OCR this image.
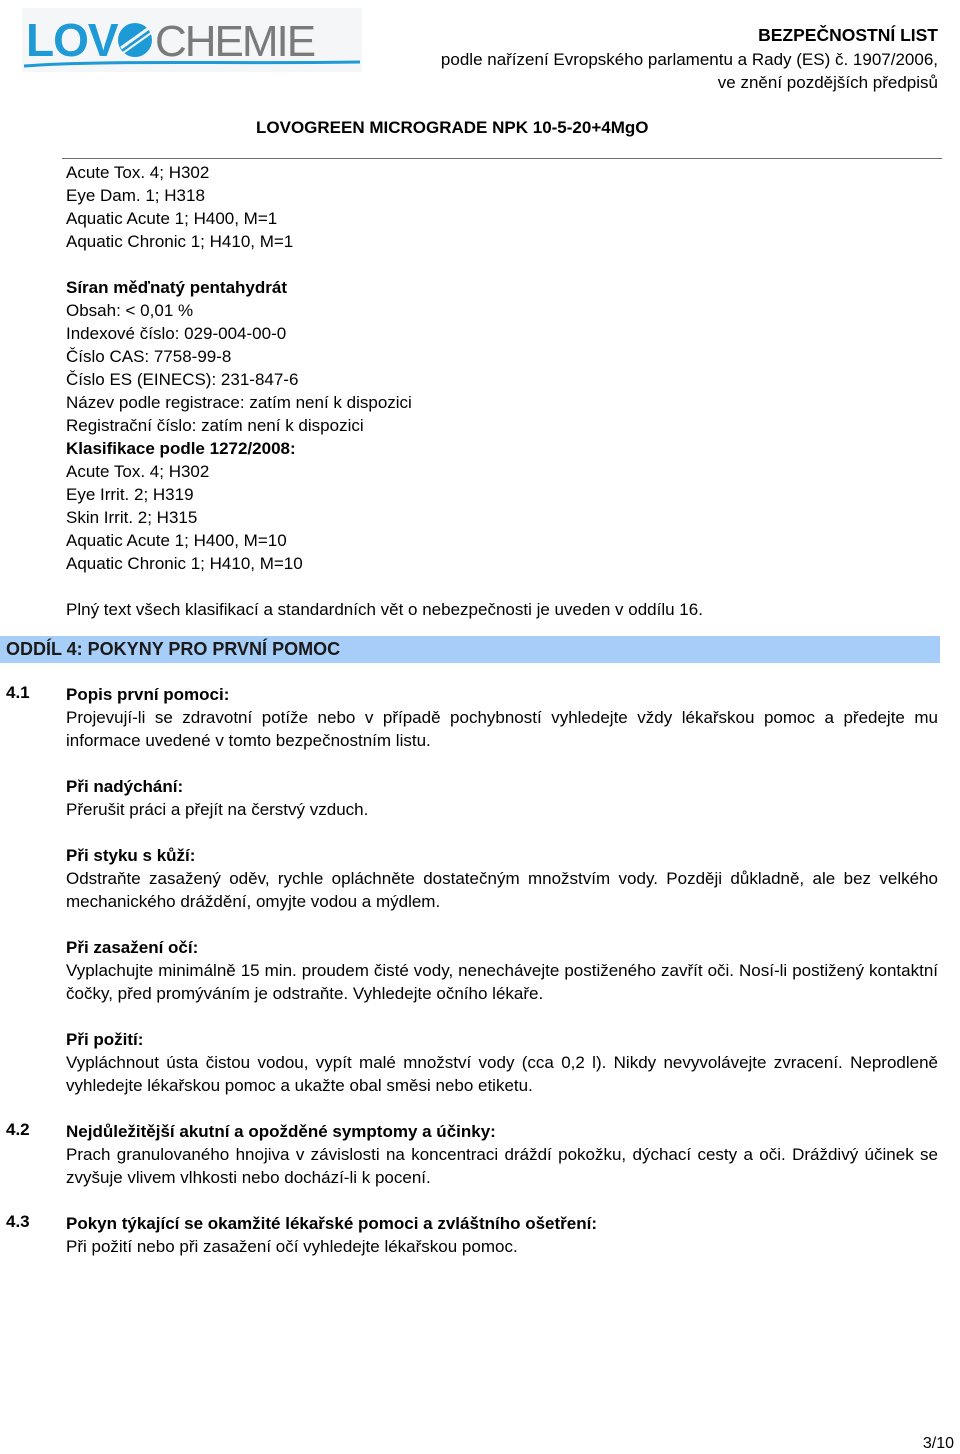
LOV CHEMIE	BEZPEČNOSTNÍ LIST
podle nařízení Evropského parlamentu a Rady (ES) č. 1907/2006,
ve znění pozdějších předpisů
LOVOGREEN MICROGRADE NPK 10-5-20+4MgO
Acute Tox. 4; H302
Eye Dam. 1; H318
Aquatic Acute 1; H400, M=1
Aquatic Chronic 1; H410, M=1
Síran měďnatý pentahydrát
Obsah: < 0,01 %
Indexové číslo: 029-004-00-0
Číslo CAS: 7758-99-8
Číslo ES (EINECS): 231-847-6
Název podle registrace: zatím není k dispozici
Registrační číslo: zatím není k dispozici
Klasifikace podle 1272/2008:
Acute Tox. 4; H302
Eye Irrit. 2; H319
Skin Irrit. 2; H315
Aquatic Acute 1; H400, M=10
Aquatic Chronic 1; H410, M=10
Plný text všech klasifikací a standardních vět o nebezpečnosti je uveden v oddílu 16.
ODDÍL 4: POKYNY PRO PRVNÍ POMOC
4.1	Popis první pomoci:
Projevují-li se zdravotní potíže nebo v případě pochybností vyhledejte vždy lékařskou pomoc a předejte mu informace uvedené v tomto bezpečnostním listu.
Při nadýchání:
Přerušit práci a přejít na čerstvý vzduch.
Při styku s kůží:
Odstraňte zasažený oděv, rychle opláchněte dostatečným množstvím vody. Později důkladně, ale bez velkého mechanického dráždění, omyjte vodou a mýdlem.
Při zasažení očí:
Vyplachujte minimálně 15 min. proudem čisté vody, nenechávejte postiženého zavřít oči. Nosí-li postižený kontaktní čočky, před promýváním je odstraňte. Vyhledejte očního lékaře.
Při požití:
Vypláchnout ústa čistou vodou, vypít malé množství vody (cca 0,2 l). Nikdy nevyvolávejte zvracení. Neprodleně vyhledejte lékařskou pomoc a ukažte obal směsi nebo etiketu.
4.2	Nejdůležitější akutní a opožděné symptomy a účinky:
Prach granulovaného hnojiva v závislosti na koncentraci dráždí pokožku, dýchací cesty a oči. Dráždivý účinek se zvyšuje vlivem vlhkosti nebo dochází-li k pocení.
4.3	Pokyn týkající se okamžité lékařské pomoci a zvláštního ošetření:
Při požití nebo při zasažení očí vyhledejte lékařskou pomoc.
3/10
